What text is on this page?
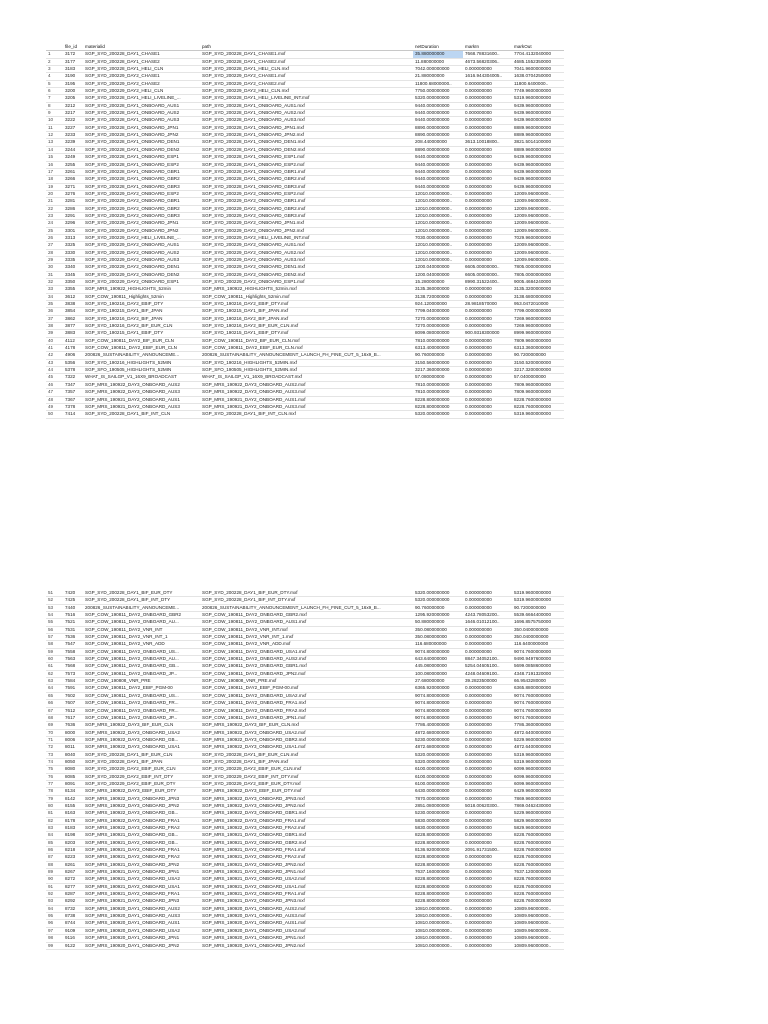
	file_id	materialid	path	netDuration	markIn	markOut
1	3172	SGP_SYD_200228_DAY1_CHASE1	SGP_SYD_200228_DAY1_CHASE1.mxf	35.880000000	7668.78831600..	7704.4132040000
2	3177	SGP_SYD_200228_DAY1_CHASE2	SGP_SYD_200228_DAY1_CHASE2.mxf	11.880000000	4673.56820306..	4685.1552350000
3	3183	SGP_SYD_200228_DAY1_HELI_CLN	SGP_SYD_200228_DAY1_HELI_CLN.mxf	7042.000000000	0.000000000	7041.9600000000
4	3190	SGP_SYD_200229_DAY2_CHASE1	SGP_SYD_200229_DAY2_CHASE1.mxf	21.880000000	1616.944304005..	1638.0704250000
5	3195	SGP_SYD_200229_DAY2_CHASE2	SGP_SYD_200229_DAY2_CHASE2.mxf	11800.68000000..	0.000000000	11800.6400000..
6	3200	SGP_SYD_200229_DAY2_HELI_CLN	SGP_SYD_200229_DAY2_HELI_CLN.mxf	7750.000000000	0.000000000	7749.9600000000
7	3205	SGP_SYD_200228_DAY1_HELI_LIVELINE_...	SGP_SYD_200228_DAY1_HELI_LIVELINE_INT.mxf	5320.000000000	0.000000000	5319.9600000000
8	3212	SGP_SYD_200228_DAY1_ONBOARD_AUS1	SGP_SYD_200228_DAY1_ONBOARD_AUS1.mxf	9440.000000000	0.000000000	9439.9600000000
9	3217	SGP_SYD_200228_DAY1_ONBOARD_AUS2	SGP_SYD_200228_DAY1_ONBOARD_AUS2.mxf	9440.000000000	0.000000000	9439.9600000000
10	3222	SGP_SYD_200228_DAY1_ONBOARD_AUS3	SGP_SYD_200228_DAY1_ONBOARD_AUS3.mxf	9440.000000000	0.000000000	9439.9600000000
11	3227	SGP_SYD_200228_DAY1_ONBOARD_JPN1	SGP_SYD_200228_DAY1_ONBOARD_JPN1.mxf	8890.000000000	0.000000000	8889.9600000000
12	3233	SGP_SYD_200228_DAY1_ONBOARD_JPN2	SGP_SYD_200228_DAY1_ONBOARD_JPN2.mxf	8890.000000000	0.000000000	8889.9600000000
13	3239	SGP_SYD_200228_DAY1_ONBOARD_DEN1	SGP_SYD_200228_DAY1_ONBOARD_DEN1.mxf	208.440000000	3613.10018800..	3821.5014100000
14	3244	SGP_SYD_200228_DAY1_ONBOARD_DEN2	SGP_SYD_200228_DAY1_ONBOARD_DEN2.mxf	8890.000000000	0.000000000	8889.9600000000
15	3249	SGP_SYD_200228_DAY1_ONBOARD_ESP1	SGP_SYD_200228_DAY1_ONBOARD_ESP1.mxf	9440.000000000	0.000000000	9439.9600000000
16	3255	SGP_SYD_200228_DAY1_ONBOARD_ESP2	SGP_SYD_200228_DAY1_ONBOARD_ESP2.mxf	9440.000000000	0.000000000	9439.9600000000
17	3261	SGP_SYD_200228_DAY1_ONBOARD_GBR1	SGP_SYD_200228_DAY1_ONBOARD_GBR1.mxf	9440.000000000	0.000000000	9439.9600000000
18	3266	SGP_SYD_200228_DAY1_ONBOARD_GBR2	SGP_SYD_200228_DAY1_ONBOARD_GBR2.mxf	9440.000000000	0.000000000	9439.9600000000
19	3271	SGP_SYD_200228_DAY1_ONBOARD_GBR3	SGP_SYD_200228_DAY1_ONBOARD_GBR3.mxf	9440.000000000	0.000000000	9439.9600000000
20	3276	SGP_SYD_200229_DAY2_ONBOARD_ESP2	SGP_SYD_200229_DAY2_ONBOARD_ESP2.mxf	12010.00000000..	0.000000000	12009.96000000..
21	3281	SGP_SYD_200229_DAY2_ONBOARD_GBR1	SGP_SYD_200229_DAY2_ONBOARD_GBR1.mxf	12010.00000000..	0.000000000	12009.96000000..
22	3286	SGP_SYD_200229_DAY2_ONBOARD_GBR2	SGP_SYD_200229_DAY2_ONBOARD_GBR2.mxf	12010.00000000..	0.000000000	12009.96000000..
23	3291	SGP_SYD_200229_DAY2_ONBOARD_GBR3	SGP_SYD_200229_DAY2_ONBOARD_GBR3.mxf	12010.00000000..	0.000000000	12009.96000000..
24	3296	SGP_SYD_200229_DAY2_ONBOARD_JPN1	SGP_SYD_200229_DAY2_ONBOARD_JPN1.mxf	12010.00000000..	0.000000000	12009.96000000..
25	3301	SGP_SYD_200229_DAY2_ONBOARD_JPN2	SGP_SYD_200229_DAY2_ONBOARD_JPN2.mxf	12010.00000000..	0.000000000	12009.96000000..
26	3313	SGP_SYD_200229_DAY2_HELI_LIVELINE_...	SGP_SYD_200229_DAY2_HELI_LIVELINE_INT.mxf	7030.000000000	0.000000000	7029.9600000000
27	3325	SGP_SYD_200229_DAY2_ONBOARD_AUS1	SGP_SYD_200229_DAY2_ONBOARD_AUS1.mxf	12010.00000000..	0.000000000	12009.96000000..
28	3330	SGP_SYD_200229_DAY2_ONBOARD_AUS2	SGP_SYD_200229_DAY2_ONBOARD_AUS2.mxf	12010.00000000..	0.000000000	12009.96000000..
29	3335	SGP_SYD_200229_DAY2_ONBOARD_AUS3	SGP_SYD_200229_DAY2_ONBOARD_AUS3.mxf	12010.00000000..	0.000000000	12009.96000000..
30	3340	SGP_SYD_200229_DAY2_ONBOARD_DEN1	SGP_SYD_200229_DAY2_ONBOARD_DEN1.mxf	1200.040000000	6605.00000000..	7805.0000000000
31	3345	SGP_SYD_200229_DAY2_ONBOARD_DEN2	SGP_SYD_200229_DAY2_ONBOARD_DEN2.mxf	1200.040000000	6605.00000000..	7805.0000000000
32	3350	SGP_SYD_200229_DAY2_ONBOARD_ESP1	SGP_SYD_200229_DAY2_ONBOARD_ESP1.mxf	15.280000000	8990.31522400..	9005.4684240000
33	3355	SGP_MRS_190922_HIGHLIGHTS_52min	SGP_MRS_190922_HIGHLIGHTS_52min.mxf	3135.360000000	0.000000000	3135.3200000000
34	3612	SGP_COW_190811_Highlights_52min	SGP_COW_190811_Highlights_52min.mxf	3138.720000000	0.000000000	3138.6800000000
35	3838	SGP_SYD_190216_DAY2_EBIF_DTY	SGP_SYD_190216_DAY2_EBIF_DTY.mxf	924.120000000	28.9818570000	953.0472010000
36	3854	SGP_SYD_190215_DAY1_BIF_JPAN	SGP_SYD_190215_DAY1_BIF_JPAN.mxf	7799.040000000	0.000000000	7799.0000000000
37	3862	SGP_SYD_190216_DAY2_BIF_JPAN	SGP_SYD_190216_DAY2_BIF_JPAN.mxf	7270.000000000	0.000000000	7269.9600000000
38	3877	SGP_SYD_190216_DAY2_BIF_EUR_CLN	SGP_SYD_190216_DAY2_BIF_EUR_CLN.mxf	7270.000000000	0.000000000	7269.9600000000
39	3883	SGP_SYD_190215_DAY1_EBIF_DTY	SGP_SYD_190215_DAY1_EBIF_DTY.mxf	8099.080000000	900.9318300000	8999.9600000000
40	4112	SGP_COW_190811_DAY2_BIF_EUR_CLN	SGP_COW_190811_DAY2_BIF_EUR_CLN.mxf	7810.000000000	0.000000000	7809.9600000000
41	4178	SGP_COW_190811_DAY2_EBIF_EUR_CLN	SGP_COW_190811_DAY2_EBIF_EUR_CLN.mxf	6313.400000000	0.000000000	6313.3600000000
42	4906	200826_SUSTAINABILITY_ANNOUNCEME...	200826_SUSTAINABILITY_ANNOUNCEMENT_LAUNCH_FH_FINE_CUT_5_16x9_B...	90.760000000	0.000000000	90.7200000000
43	5356	SGP_SYD_190216_HIGHLIGHTS_52MIN	SGP_SYD_190216_HIGHLIGHTS_52MIN.mxf	3150.560000000	0.000000000	3150.5200000000
44	5378	SGP_SFO_190505_HIGHLIGHTS_52MIN	SGP_SFO_190505_HIGHLIGHTS_52MIN.mxf	3217.360000000	0.000000000	3217.3200000000
45	7322	WHAT_IS_SAILGP_V1_16X9_BROADCAST	WHAT_IS_SAILGP_V1_16X9_BROADCAST.mxf	57.080000000	0.000000000	57.0400000000
46	7347	SGP_MRS_190922_DAY3_ONBOARD_AUS2	SGP_MRS_190922_DAY3_ONBOARD_AUS2.mxf	7810.000000000	0.000000000	7809.9600000000
47	7357	SGP_MRS_190922_DAY3_ONBOARD_AUS3	SGP_MRS_190922_DAY3_ONBOARD_AUS3.mxf	7810.000000000	0.000000000	7809.9600000000
48	7367	SGP_MRS_190921_DAY2_ONBOARD_AUS1	SGP_MRS_190921_DAY2_ONBOARD_AUS1.mxf	8228.800000000	0.000000000	8228.7600000000
49	7378	SGP_MRS_190921_DAY2_ONBOARD_AUS3	SGP_MRS_190921_DAY2_ONBOARD_AUS3.mxf	8228.800000000	0.000000000	8228.7600000000
50	7414	SGP_SYD_200228_DAY1_BIF_INT_CLN	SGP_SYD_200228_DAY1_BIF_INT_CLN.mxf	5320.000000000	0.000000000	5319.9600000000
51	7420	SGP_SYD_200228_DAY1_BIF_EUR_DTY	SGP_SYD_200228_DAY1_BIF_EUR_DTY.mxf	5320.000000000	0.000000000	5319.9600000000
52	7425	SGP_SYD_200228_DAY1_BIF_INT_DTY	SGP_SYD_200228_DAY1_BIF_INT_DTY.mxf	5320.000000000	0.000000000	5319.9600000000
53	7440	200826_SUSTAINABILITY_ANNOUNCEME...	200826_SUSTAINABILITY_ANNOUNCEMENT_LAUNCH_FH_FINE_CUT_5_16x9_B...	90.760000000	0.000000000	90.7200000000
54	7516	SGP_COW_190811_DAY2_ONBOARD_GBR2	SGP_COW_190811_DAY2_ONBOARD_GBR2.mxf	1295.920000000	4243.78053200..	5539.6664400000
55	7521	SGP_COW_190811_DAY2_ONBOARD_AU...	SGP_COW_190811_DAY2_ONBOARD_AUS1.mxf	50.880000000	1646.01012100..	1696.8575750000
56	7531	SGP_COW_190811_DAY2_VNR_INT	SGP_COW_190811_DAY2_VNR_INT.mxf	350.080000000	0.000000000	350.0400000000
57	7536	SGP_COW_190811_DAY2_VNR_INT_1	SGP_COW_190811_DAY2_VNR_INT_1.mxf	350.080000000	0.000000000	350.0400000000
58	7547	SGP_COW_190811_DAY2_VNR_ADD	SGP_COW_190811_DAY2_VNR_ADD.mxf	116.680000000	0.000000000	116.6400000000
59	7558	SGP_COW_190811_DAY2_ONBOARD_US...	SGP_COW_190811_DAY2_ONBOARD_USA1.mxf	9074.800000000	0.000000000	9074.7600000000
60	7563	SGP_COW_190811_DAY2_ONBOARD_AU...	SGP_COW_190811_DAY2_ONBOARD_AUS2.mxf	643.640000000	8847.34052100..	9490.9497600000
61	7568	SGP_COW_190811_DAY2_ONBOARD_GB...	SGP_COW_190811_DAY2_ONBOARD_GBR1.mxf	445.080000000	5254.04605100..	5699.0858600000
62	7573	SGP_COW_190811_DAY2_ONBOARD_JP...	SGP_COW_190811_DAY2_ONBOARD_JPN2.mxf	100.080000000	4248.04609100..	4348.7191320000
63	7584	SGP_COW_190808_VNR_PRE	SGP_COW_190808_VNR_PRE.mxf	27.680000000	39.2823500000	66.9543280000
64	7591	SGP_COW_190811_DAY2_EBIF_PGM-00	SGP_COW_190811_DAY2_EBIF_PGM-00.mxf	6365.920000000	0.000000000	6365.8800000000
65	7602	SGP_COW_190811_DAY2_ONBOARD_US...	SGP_COW_190811_DAY2_ONBOARD_USA2.mxf	9074.800000000	0.000000000	9074.7600000000
66	7607	SGP_COW_190811_DAY2_ONBOARD_FR...	SGP_COW_190811_DAY2_ONBOARD_FRA1.mxf	9074.800000000	0.000000000	9074.7600000000
67	7612	SGP_COW_190811_DAY2_ONBOARD_FR...	SGP_COW_190811_DAY2_ONBOARD_FRA2.mxf	9074.800000000	0.000000000	9074.7600000000
68	7617	SGP_COW_190811_DAY2_ONBOARD_JP...	SGP_COW_190811_DAY2_ONBOARD_JPN1.mxf	9074.800000000	0.000000000	9074.7600000000
69	7636	SGP_MRS_190922_DAY3_BIF_EUR_CLN	SGP_MRS_190922_DAY3_BIF_EUR_CLN.mxf	7786.400000000	0.000000000	7786.3600000000
70	8000	SGP_MRS_190922_DAY3_ONBOARD_USA2	SGP_MRS_190922_DAY3_ONBOARD_USA2.mxf	4872.680000000	0.000000000	4872.6400000000
71	8006	SGP_MRS_190922_DAY3_ONBOARD_GB...	SGP_MRS_190922_DAY3_ONBOARD_GBR2.mxf	5230.000000000	0.000000000	5229.9600000000
72	8011	SGP_MRS_190922_DAY3_ONBOARD_USA1	SGP_MRS_190922_DAY3_ONBOARD_USA1.mxf	4872.680000000	0.000000000	4872.6400000000
73	8040	SGP_SYD_200228_DAY1_BIF_EUR_CLN	SGP_SYD_200228_DAY1_BIF_EUR_CLN.mxf	5320.000000000	0.000000000	5319.9600000000
74	8050	SGP_SYD_200228_DAY1_BIF_JPAN	SGP_SYD_200228_DAY1_BIF_JPAN.mxf	5320.000000000	0.000000000	5319.9600000000
75	8080	SGP_SYD_200229_DAY2_EBIF_EUR_CLN	SGP_SYD_200229_DAY2_EBIF_EUR_CLN.mxf	6100.000000000	0.000000000	6099.9600000000
76	8085	SGP_SYD_200229_DAY2_EBIF_INT_DTY	SGP_SYD_200229_DAY2_EBIF_INT_DTY.mxf	6100.000000000	0.000000000	6099.9600000000
77	8091	SGP_SYD_200229_DAY2_EBIF_EUR_DTY	SGP_SYD_200229_DAY2_EBIF_EUR_DTY.mxf	6100.000000000	0.000000000	6099.9600000000
78	8134	SGP_MRS_190922_DAY3_EBIF_EUR_DTY	SGP_MRS_190922_DAY3_EBIF_EUR_DTY.mxf	6430.000000000	0.000000000	6429.9600000000
79	8142	SGP_MRS_190922_DAY3_ONBOARD_JPN3	SGP_MRS_190922_DAY3_ONBOARD_JPN3.mxf	7870.000000000	0.000000000	7869.9600000000
80	8155	SGP_MRS_190922_DAY3_ONBOARD_JPN2	SGP_MRS_190922_DAY3_ONBOARD_JPN2.mxf	2851.080000000	5018.00620300..	7869.0462430000
81	8163	SGP_MRS_190922_DAY3_ONBOARD_GB...	SGP_MRS_190922_DAY3_ONBOARD_GBR1.mxf	5230.000000000	0.000000000	5229.9600000000
82	8178	SGP_MRS_190922_DAY3_ONBOARD_FRA1	SGP_MRS_190922_DAY3_ONBOARD_FRA1.mxf	5830.000000000	0.000000000	5829.9600000000
83	8183	SGP_MRS_190922_DAY3_ONBOARD_FRA2	SGP_MRS_190922_DAY3_ONBOARD_FRA2.mxf	5830.000000000	0.000000000	5829.9600000000
84	8198	SGP_MRS_190921_DAY2_ONBOARD_GB...	SGP_MRS_190921_DAY2_ONBOARD_GBR1.mxf	8228.800000000	0.000000000	8228.7600000000
85	8203	SGP_MRS_190921_DAY2_ONBOARD_GB...	SGP_MRS_190921_DAY2_ONBOARD_GBR2.mxf	8228.800000000	0.000000000	8228.7600000000
86	8218	SGP_MRS_190921_DAY2_ONBOARD_FRA1	SGP_MRS_190921_DAY2_ONBOARD_FRA1.mxf	8136.920000000	2091.91731500..	8228.7600000000
87	8223	SGP_MRS_190921_DAY2_ONBOARD_FRA2	SGP_MRS_190921_DAY2_ONBOARD_FRA2.mxf	8228.800000000	0.000000000	8228.7600000000
88	8261	SGP_MRS_190921_DAY2_ONBOARD_JPN2	SGP_MRS_190921_DAY2_ONBOARD_JPN2.mxf	8228.800000000	0.000000000	8228.7600000000
89	8267	SGP_MRS_190921_DAY2_ONBOARD_JPN1	SGP_MRS_190921_DAY2_ONBOARD_JPN1.mxf	7637.160000000	0.000000000	7637.1200000000
90	8272	SGP_MRS_190921_DAY2_ONBOARD_USA2	SGP_MRS_190921_DAY2_ONBOARD_USA2.mxf	8228.800000000	0.000000000	8228.7600000000
91	8277	SGP_MRS_190921_DAY2_ONBOARD_USA1	SGP_MRS_190921_DAY2_ONBOARD_USA1.mxf	8228.800000000	0.000000000	8228.7600000000
92	8287	SGP_MRS_190921_DAY2_ONBOARD_FRA1	SGP_MRS_190921_DAY2_ONBOARD_FRA1.mxf	8228.800000000	0.000000000	8228.7600000000
93	8292	SGP_MRS_190921_DAY2_ONBOARD_JPN3	SGP_MRS_190921_DAY2_ONBOARD_JPN3.mxf	8228.800000000	0.000000000	8228.7600000000
94	8732	SGP_MRS_190920_DAY1_ONBOARD_AUS2	SGP_MRS_190920_DAY1_ONBOARD_AUS2.mxf	10810.00000000..	0.000000000	10809.96000000..
95	8738	SGP_MRS_190920_DAY1_ONBOARD_AUS3	SGP_MRS_190920_DAY1_ONBOARD_AUS3.mxf	10810.00000000..	0.000000000	10809.96000000..
96	8744	SGP_MRS_190920_DAY1_ONBOARD_AUS1	SGP_MRS_190920_DAY1_ONBOARD_AUS1.mxf	10810.00000000..	0.000000000	10809.96000000..
97	9109	SGP_MRS_190920_DAY1_ONBOARD_USA2	SGP_MRS_190920_DAY1_ONBOARD_USA2.mxf	10810.00000000..	0.000000000	10809.96000000..
98	9116	SGP_MRS_190920_DAY1_ONBOARD_JPN1	SGP_MRS_190920_DAY1_ONBOARD_JPN1.mxf	10810.00000000..	0.000000000	10809.96000000..
99	9122	SGP_MRS_190920_DAY1_ONBOARD_JPN2	SGP_MRS_190920_DAY1_ONBOARD_JPN2.mxf	10810.00000000..	0.000000000	10809.96000000..
